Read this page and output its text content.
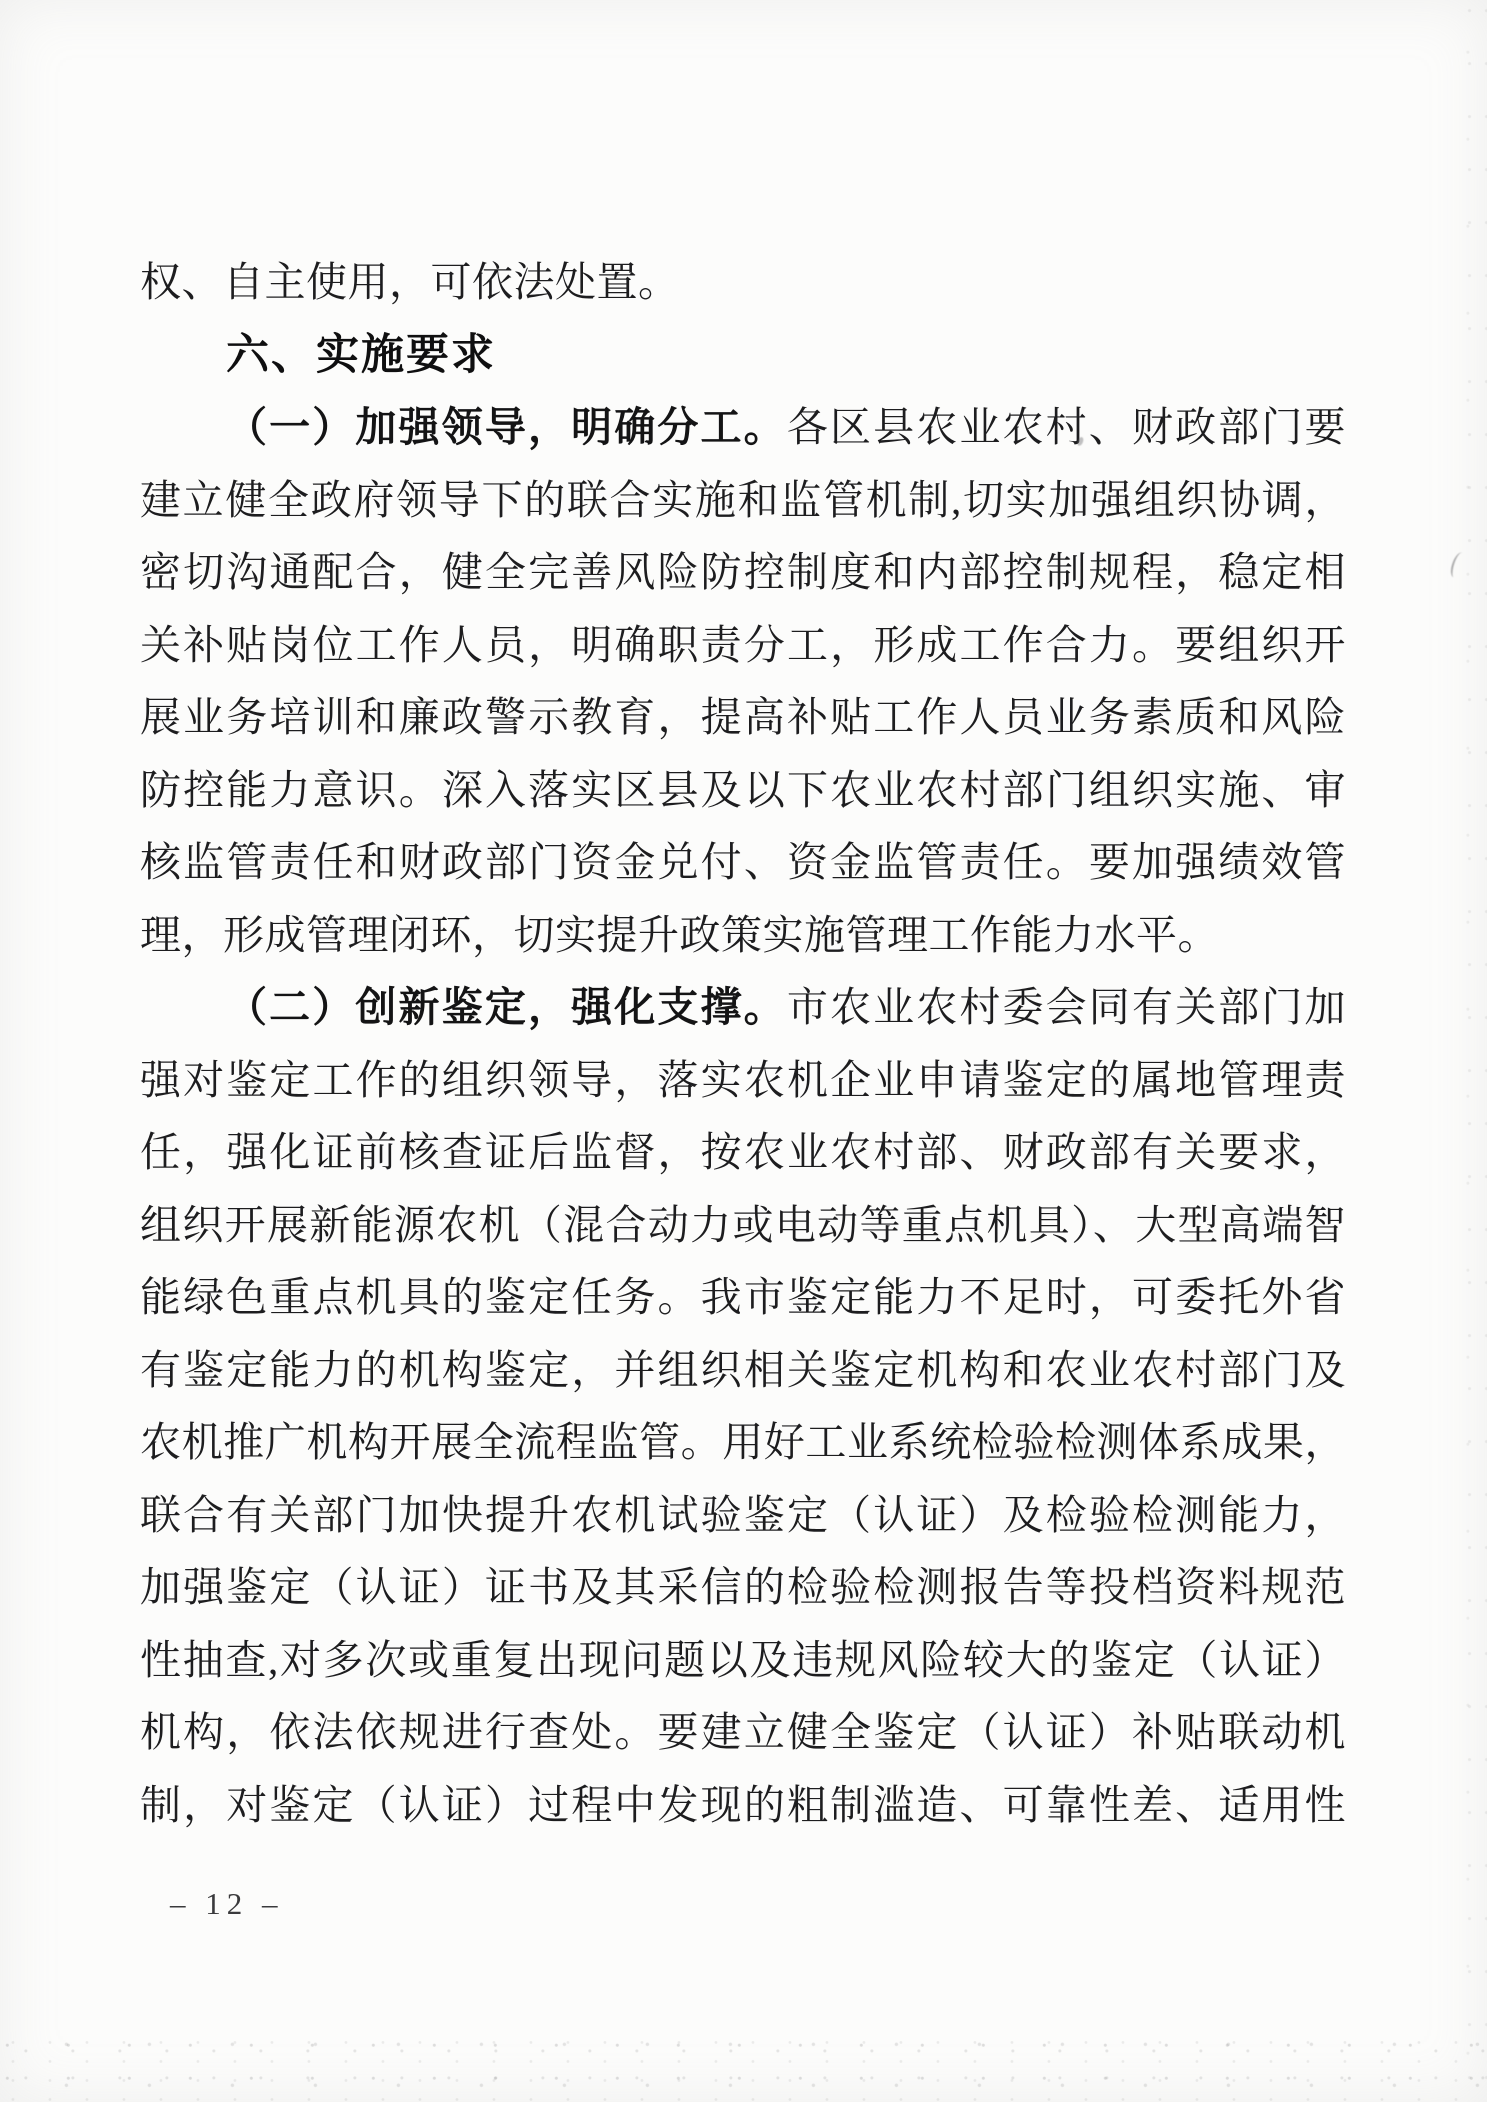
权、自主使用，可依法处置。
六、实施要求
（一）加强领导，明确分工。各区县农业农村、财政部门要
建立健全政府领导下的联合实施和监管机制,切实加强组织协调，
密切沟通配合，健全完善风险防控制度和内部控制规程，稳定相
关补贴岗位工作人员，明确职责分工，形成工作合力。要组织开
展业务培训和廉政警示教育，提高补贴工作人员业务素质和风险
防控能力意识。深入落实区县及以下农业农村部门组织实施、审
核监管责任和财政部门资金兑付、资金监管责任。要加强绩效管
理，形成管理闭环，切实提升政策实施管理工作能力水平。
（二）创新鉴定，强化支撑。市农业农村委会同有关部门加
强对鉴定工作的组织领导，落实农机企业申请鉴定的属地管理责
任，强化证前核查证后监督，按农业农村部、财政部有关要求，
组织开展新能源农机（混合动力或电动等重点机具）、大型高端智
能绿色重点机具的鉴定任务。我市鉴定能力不足时，可委托外省
有鉴定能力的机构鉴定，并组织相关鉴定机构和农业农村部门及
农机推广机构开展全流程监管。用好工业系统检验检测体系成果，
联合有关部门加快提升农机试验鉴定（认证）及检验检测能力，
加强鉴定（认证）证书及其采信的检验检测报告等投档资料规范
性抽查,对多次或重复出现问题以及违规风险较大的鉴定（认证）
机构，依法依规进行查处。要建立健全鉴定（认证）补贴联动机
制，对鉴定（认证）过程中发现的粗制滥造、可靠性差、适用性
– 12 –
